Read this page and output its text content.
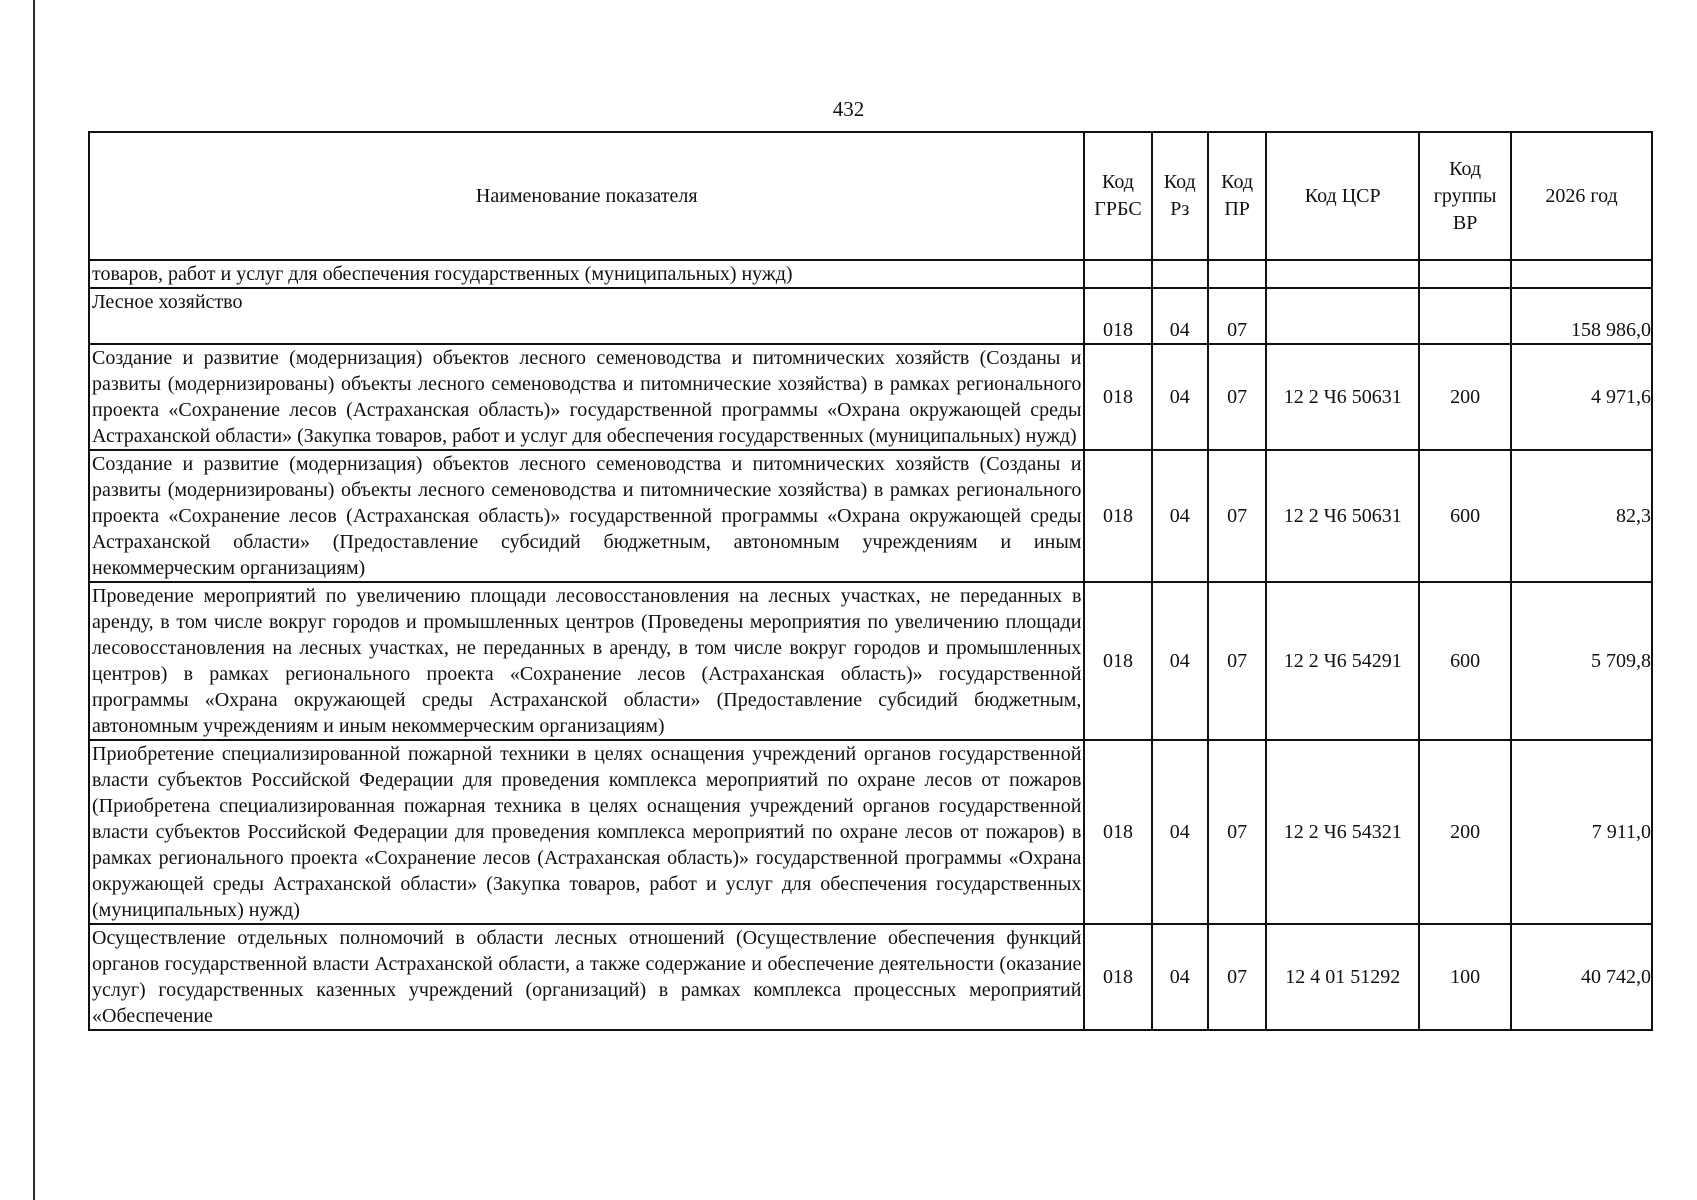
432
Наименование показателя	Код ГРБС	Код Рз	Код ПР	Код ЦСР	Код группы ВР	2026 год
товаров, работ и услуг для обеспечения государственных (муниципальных) нужд)						
Лесное хозяйство	018	04	07			158 986,0
Создание и развитие (модернизация) объектов лесного семеноводства и питомнических хозяйств (Созданы и развиты (модернизированы) объекты лесного семеноводства и питомнические хозяйства) в рамках регионального проекта «Сохранение лесов (Астраханская область)» государственной программы «Охрана окружающей среды Астраханской области» (Закупка товаров, работ и услуг для обеспечения государственных (муниципальных) нужд)	018	04	07	12 2 Ч6 50631	200	4 971,6
Создание и развитие (модернизация) объектов лесного семеноводства и питомнических хозяйств (Созданы и развиты (модернизированы) объекты лесного семеноводства и питомнические хозяйства) в рамках регионального проекта «Сохранение лесов (Астраханская область)» государственной программы «Охрана окружающей среды Астраханской области» (Предоставление субсидий бюджетным, автономным учреждениям и иным некоммерческим организациям)	018	04	07	12 2 Ч6 50631	600	82,3
Проведение мероприятий по увеличению площади лесовосстановления на лесных участках, не переданных в аренду, в том числе вокруг городов и промышленных центров (Проведены мероприятия по увеличению площади лесовосстановления на лесных участках, не переданных в аренду, в том числе вокруг городов и промышленных центров) в рамках регионального проекта «Сохранение лесов (Астраханская область)» государственной программы «Охрана окружающей среды Астраханской области» (Предоставление субсидий бюджетным, автономным учреждениям и иным некоммерческим организациям)	018	04	07	12 2 Ч6 54291	600	5 709,8
Приобретение специализированной пожарной техники в целях оснащения учреждений органов государственной власти субъектов Российской Федерации для проведения комплекса мероприятий по охране лесов от пожаров (Приобретена специализированная пожарная техника в целях оснащения учреждений органов государственной власти субъектов Российской Федерации для проведения комплекса мероприятий по охране лесов от пожаров) в рамках регионального проекта «Сохранение лесов (Астраханская область)» государственной программы «Охрана окружающей среды Астраханской области» (Закупка товаров, работ и услуг для обеспечения государственных (муниципальных) нужд)	018	04	07	12 2 Ч6 54321	200	7 911,0
Осуществление отдельных полномочий в области лесных отношений (Осуществление обеспечения функций органов государственной власти Астраханской области, а также содержание и обеспечение деятельности (оказание услуг) государственных казенных учреждений (организаций) в рамках комплекса процессных мероприятий «Обеспечение	018	04	07	12 4 01 51292	100	40 742,0
